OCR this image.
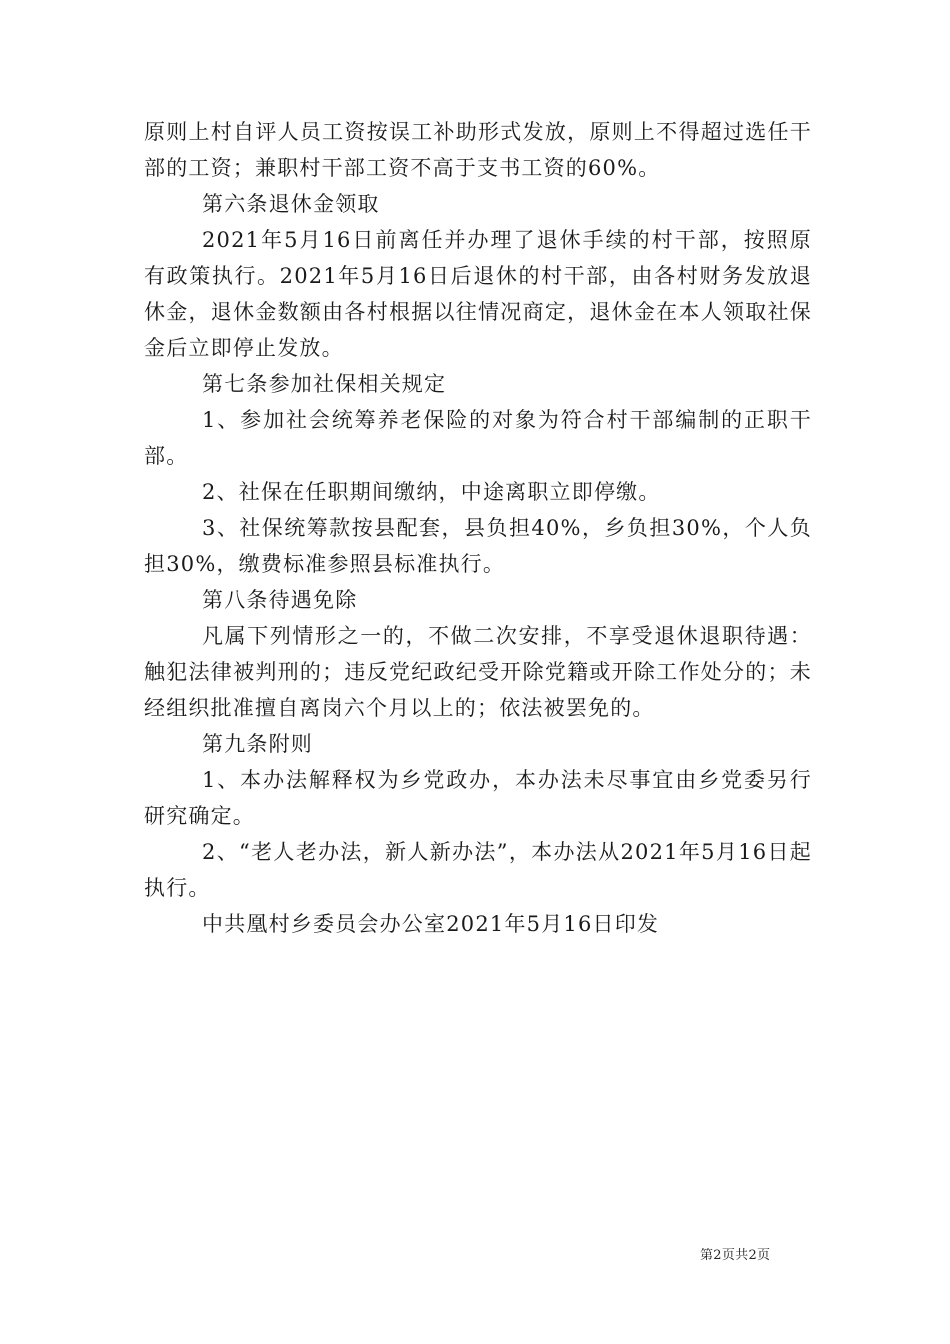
原则上村自评人员工资按误工补助形式发放，原则上不得超过选任干部的工资；兼职村干部工资不高于支书工资的60%。

第六条退休金领取

2021年5月16日前离任并办理了退休手续的村干部，按照原有政策执行。2021年5月16日后退休的村干部，由各村财务发放退休金，退休金数额由各村根据以往情况商定，退休金在本人领取社保金后立即停止发放。

第七条参加社保相关规定

1、参加社会统筹养老保险的对象为符合村干部编制的正职干部。

2、社保在任职期间缴纳，中途离职立即停缴。

3、社保统筹款按县配套，县负担40%，乡负担30%，个人负担30%，缴费标准参照县标准执行。

第八条待遇免除

凡属下列情形之一的，不做二次安排，不享受退休退职待遇：触犯法律被判刑的；违反党纪政纪受开除党籍或开除工作处分的；未经组织批准擅自离岗六个月以上的；依法被罢免的。

第九条附则

1、本办法解释权为乡党政办，本办法未尽事宜由乡党委另行研究确定。

2、“老人老办法，新人新办法”，本办法从2021年5月16日起执行。

中共凰村乡委员会办公室2021年5月16日印发

第2页共2页
